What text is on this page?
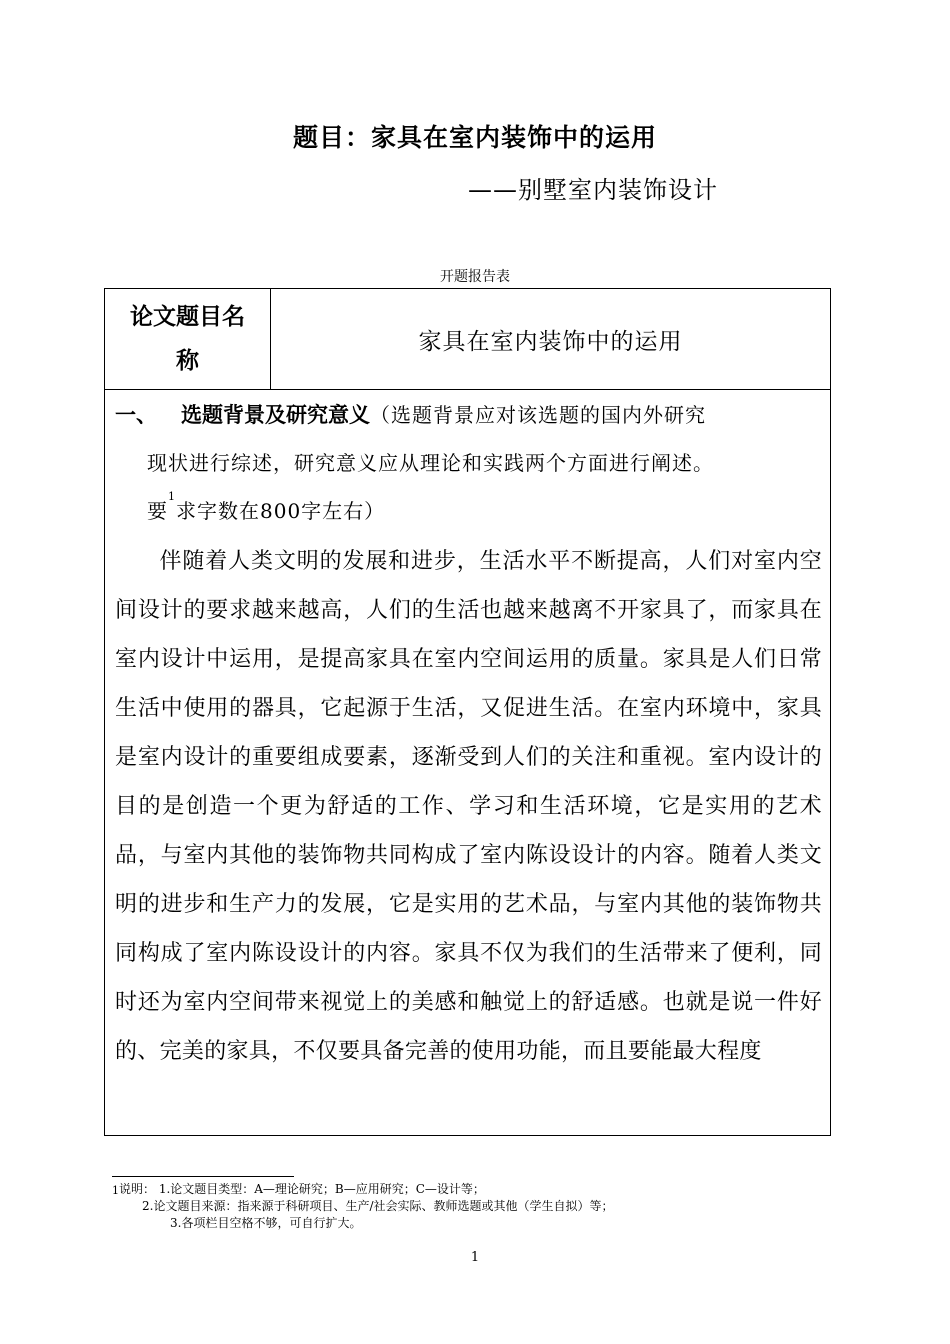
题目：家具在室内装饰中的运用
——别墅室内装饰设计
开题报告表
论文题目名
称
家具在室内装饰中的运用
一、 选题背景及研究意义（选题背景应对该选题的国内外研究
现状进行综述，研究意义应从理论和实践两个方面进行阐述。
要$^1$求字数在800字左右）
伴随着人类文明的发展和进步，生活水平不断提高，人们对室内空间设计的要求越来越高，人们的生活也越来越离不开家具了，而家具在室内设计中运用，是提高家具在室内空间运用的质量。家具是人们日常生活中使用的器具，它起源于生活，又促进生活。在室内环境中，家具是室内设计的重要组成要素，逐渐受到人们的关注和重视。室内设计的目的是创造一个更为舒适的工作、学习和生活环境，它是实用的艺术品，与室内其他的装饰物共同构成了室内陈设设计的内容。随着人类文明的进步和生产力的发展，它是实用的艺术品，与室内其他的装饰物共同构成了室内陈设设计的内容。家具不仅为我们的生活带来了便利，同时还为室内空间带来视觉上的美感和触觉上的舒适感。也就是说一件好的、完美的家具，不仅要具备完善的使用功能，而且要能最大程度
$^1$说明： 1.论文题目类型：A—理论研究；B—应用研究；C—设计等；
2.论文题目来源：指来源于科研项目、生产/社会实际、教师选题或其他（学生自拟）等；
3.各项栏目空格不够，可自行扩大。
1
